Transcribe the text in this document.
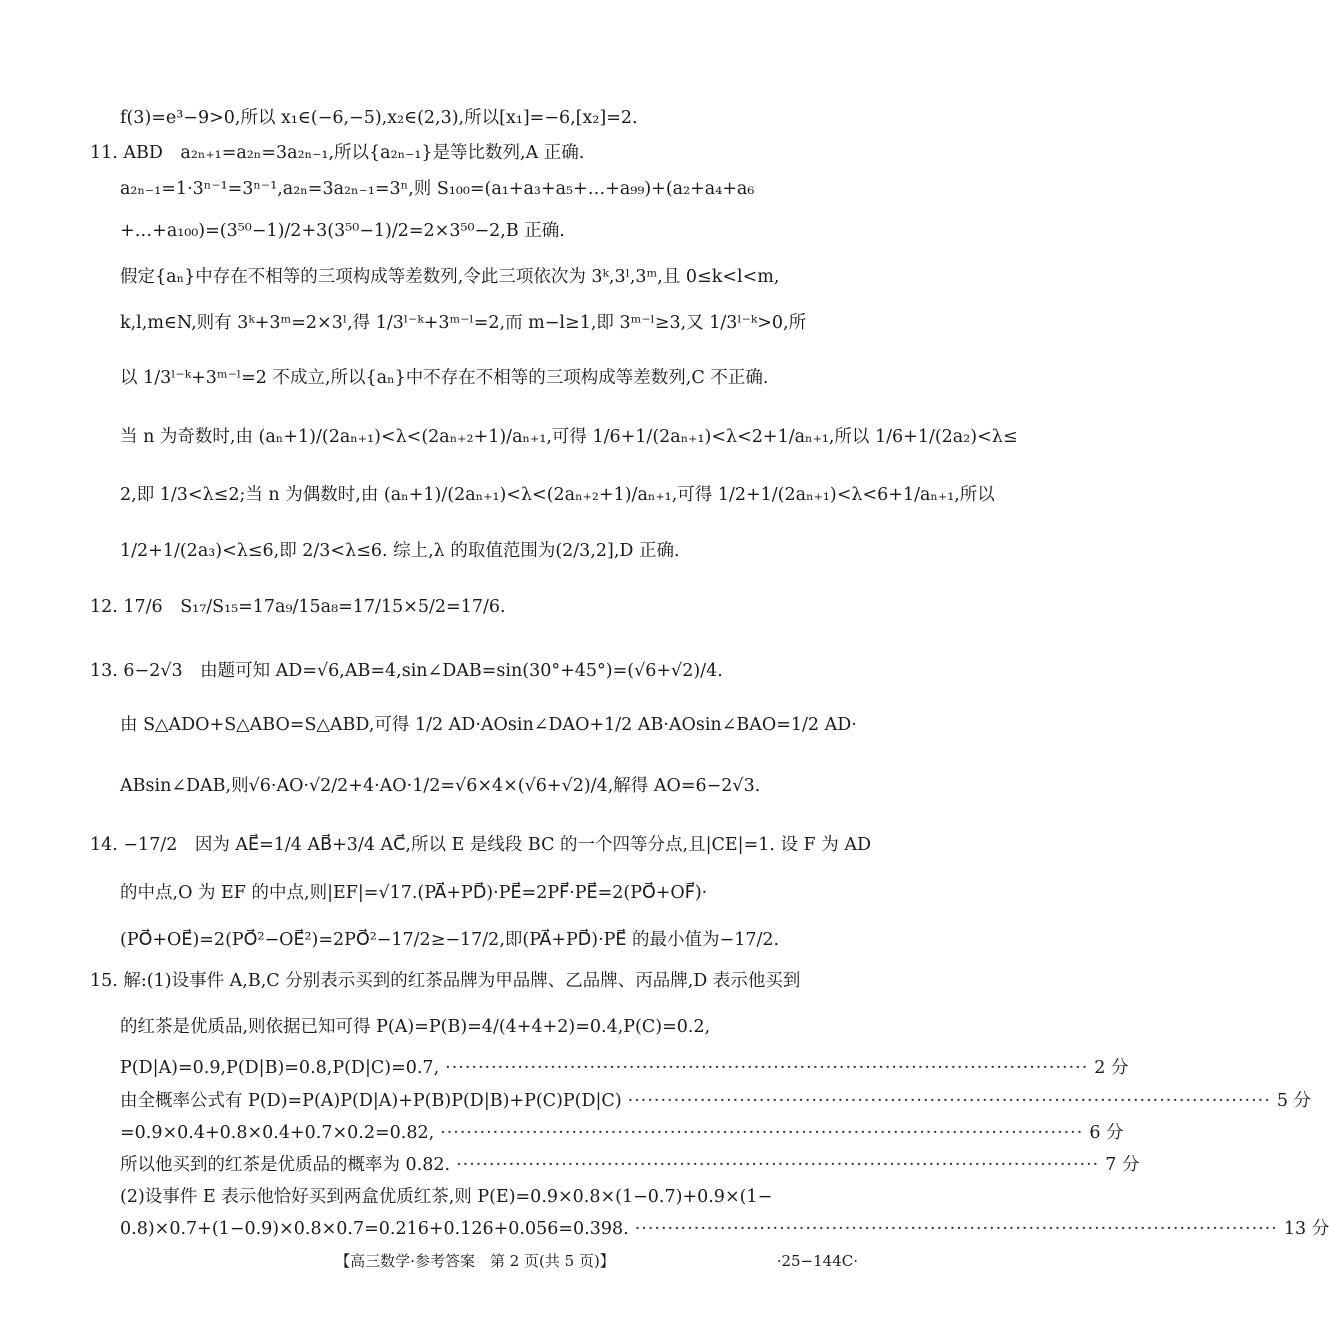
f(3)=e³−9>0,所以 x₁∈(−6,−5),x₂∈(2,3),所以[x₁]=−6,[x₂]=2.
11. ABD　a₂ₙ₊₁=a₂ₙ=3a₂ₙ₋₁,所以{a₂ₙ₋₁}是等比数列,A 正确.
a₂ₙ₋₁=1·3ⁿ⁻¹=3ⁿ⁻¹,a₂ₙ=3a₂ₙ₋₁=3ⁿ,则 S₁₀₀=(a₁+a₃+a₅+…+a₉₉)+(a₂+a₄+a₆
+…+a₁₀₀)=(3⁵⁰−1)/2+3(3⁵⁰−1)/2=2×3⁵⁰−2,B 正确.
假定{aₙ}中存在不相等的三项构成等差数列,令此三项依次为 3ᵏ,3ˡ,3ᵐ,且 0≤k<l<m,
k,l,m∈N,则有 3ᵏ+3ᵐ=2×3ˡ,得 1/3ˡ⁻ᵏ+3ᵐ⁻ˡ=2,而 m−l≥1,即 3ᵐ⁻ˡ≥3,又 1/3ˡ⁻ᵏ>0,所
以 1/3ˡ⁻ᵏ+3ᵐ⁻ˡ=2 不成立,所以{aₙ}中不存在不相等的三项构成等差数列,C 不正确.
当 n 为奇数时,由 (aₙ+1)/(2aₙ₊₁)<λ<(2aₙ₊₂+1)/aₙ₊₁,可得 1/6+1/(2aₙ₊₁)<λ<2+1/aₙ₊₁,所以 1/6+1/(2a₂)<λ≤
2,即 1/3<λ≤2;当 n 为偶数时,由 (aₙ+1)/(2aₙ₊₁)<λ<(2aₙ₊₂+1)/aₙ₊₁,可得 1/2+1/(2aₙ₊₁)<λ<6+1/aₙ₊₁,所以
1/2+1/(2a₃)<λ≤6,即 2/3<λ≤6. 综上,λ 的取值范围为(2/3,2],D 正确.
12. 17/6　S₁₇/S₁₅=17a₉/15a₈=17/15×5/2=17/6.
13. 6−2√3　由题可知 AD=√6,AB=4,sin∠DAB=sin(30°+45°)=(√6+√2)/4.
由 S△ADO+S△ABO=S△ABD,可得 1/2 AD·AOsin∠DAO+1/2 AB·AOsin∠BAO=1/2 AD·
ABsin∠DAB,则√6·AO·√2/2+4·AO·1/2=√6×4×(√6+√2)/4,解得 AO=6−2√3.
14. −17/2　因为 AE⃗=1/4 AB⃗+3/4 AC⃗,所以 E 是线段 BC 的一个四等分点,且|CE|=1. 设 F 为 AD
的中点,O 为 EF 的中点,则|EF|=√17.(PA⃗+PD⃗)·PE⃗=2PF⃗·PE⃗=2(PO⃗+OF⃗)·
(PO⃗+OE⃗)=2(PO⃗²−OE⃗²)=2PO⃗²−17/2≥−17/2,即(PA⃗+PD⃗)·PE⃗ 的最小值为−17/2.
15. 解:(1)设事件 A,B,C 分别表示买到的红茶品牌为甲品牌、乙品牌、丙品牌,D 表示他买到
的红茶是优质品,则依据已知可得 P(A)=P(B)=4/(4+4+2)=0.4,P(C)=0.2,
P(D|A)=0.9,P(D|B)=0.8,P(D|C)=0.7, ·································································································· 2 分
由全概率公式有 P(D)=P(A)P(D|A)+P(B)P(D|B)+P(C)P(D|C) ·································································································· 5 分
=0.9×0.4+0.8×0.4+0.7×0.2=0.82, ·································································································· 6 分
所以他买到的红茶是优质品的概率为 0.82. ·································································································· 7 分
(2)设事件 E 表示他恰好买到两盒优质红茶,则 P(E)=0.9×0.8×(1−0.7)+0.9×(1−
0.8)×0.7+(1−0.9)×0.8×0.7=0.216+0.126+0.056=0.398. ·································································································· 13 分
【高三数学·参考答案　第 2 页(共 5 页)】	·25−144C·
